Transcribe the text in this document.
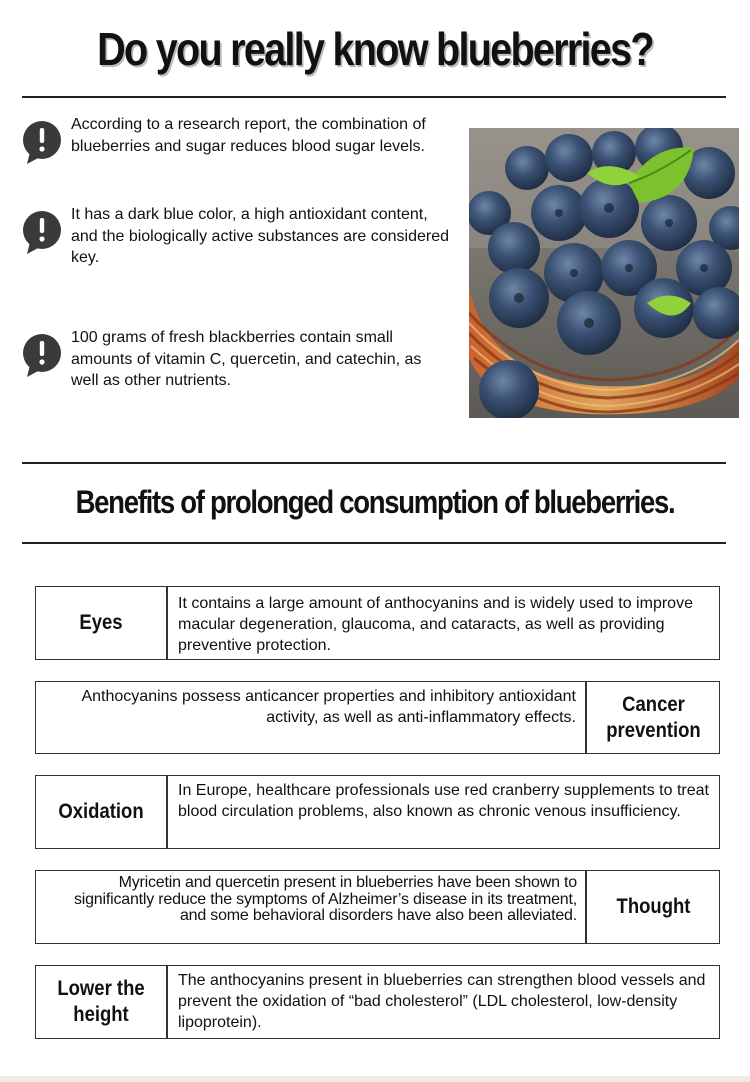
Do you really know blueberries?
According to a research report, the combination of blueberries and sugar reduces blood sugar levels.
It has a dark blue color, a high antioxidant content, and the biologically active substances are considered key.
100 grams of fresh blackberries contain small amounts of vitamin C, quercetin, and catechin, as well as other nutrients.
Benefits of prolonged consumption of blueberries.
Eyes
It contains a large amount of anthocyanins and is widely used to improve macular degeneration, glaucoma, and cataracts, as well as providing preventive protection.
Anthocyanins possess anticancer properties and inhibitory antioxidant activity, as well as anti-inflammatory effects.
Cancer prevention
Oxidation
In Europe, healthcare professionals use red cranberry supplements to treat blood circulation problems, also known as chronic venous insufficiency.
Myricetin and quercetin present in blueberries have been shown to significantly reduce the symptoms of Alzheimer’s disease in its treatment, and some behavioral disorders have also been alleviated.	Thought
Lower the height
The anthocyanins present in blueberries can strengthen blood vessels and prevent the oxidation of “bad cholesterol” (LDL cholesterol, low-density lipoprotein).
